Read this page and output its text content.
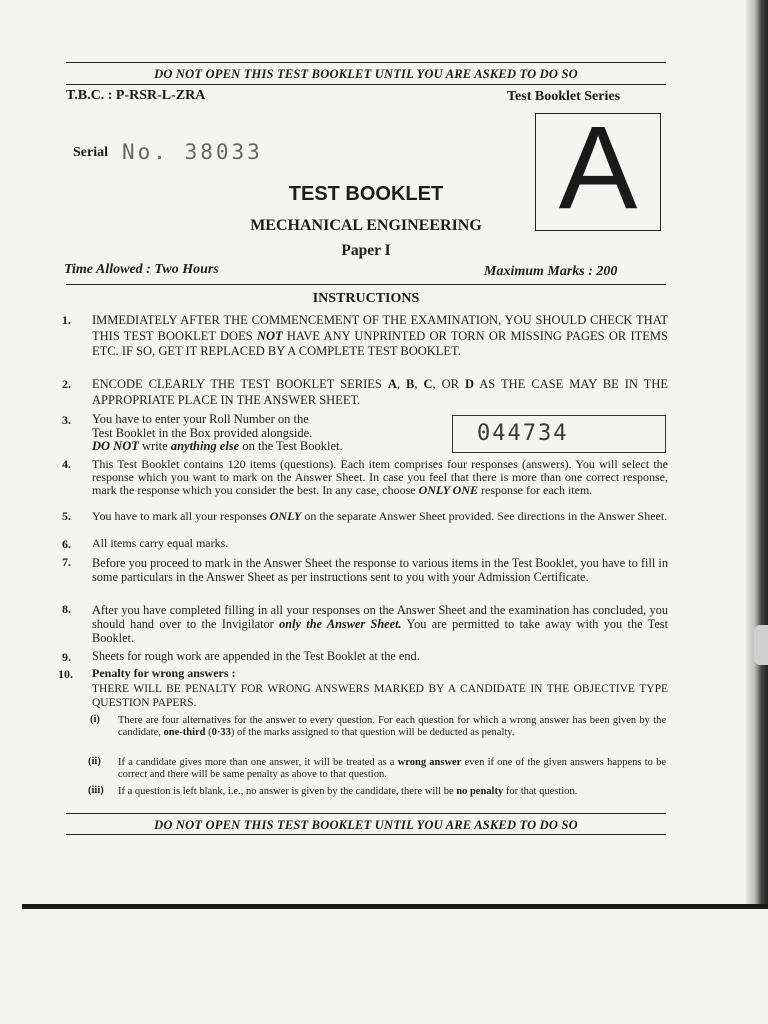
DO NOT OPEN THIS TEST BOOKLET UNTIL YOU ARE ASKED TO DO SO
T.B.C. : P-RSR-L-ZRA	Test Booklet Series
A
Serial No. 38033
TEST BOOKLET
MECHANICAL ENGINEERING
Paper I
Time Allowed : Two Hours	Maximum Marks : 200
INSTRUCTIONS
1. IMMEDIATELY AFTER THE COMMENCEMENT OF THE EXAMINATION, YOU SHOULD CHECK THAT THIS TEST BOOKLET DOES NOT HAVE ANY UNPRINTED OR TORN OR MISSING PAGES OR ITEMS ETC. IF SO, GET IT REPLACED BY A COMPLETE TEST BOOKLET.
2. ENCODE CLEARLY THE TEST BOOKLET SERIES A, B, C, OR D AS THE CASE MAY BE IN THE APPROPRIATE PLACE IN THE ANSWER SHEET.
3. You have to enter your Roll Number on the
Test Booklet in the Box provided alongside.
DO NOT write anything else on the Test Booklet.	044734
4. This Test Booklet contains 120 items (questions). Each item comprises four responses (answers). You will select the response which you want to mark on the Answer Sheet. In case you feel that there is more than one correct response, mark the response which you consider the best. In any case, choose ONLY ONE response for each item.
5. You have to mark all your responses ONLY on the separate Answer Sheet provided. See directions in the Answer Sheet.
6. All items carry equal marks.
7. Before you proceed to mark in the Answer Sheet the response to various items in the Test Booklet, you have to fill in some particulars in the Answer Sheet as per instructions sent to you with your Admission Certificate.
8. After you have completed filling in all your responses on the Answer Sheet and the examination has concluded, you should hand over to the Invigilator only the Answer Sheet. You are permitted to take away with you the Test Booklet.
9. Sheets for rough work are appended in the Test Booklet at the end.
10. Penalty for wrong answers :
THERE WILL BE PENALTY FOR WRONG ANSWERS MARKED BY A CANDIDATE IN THE OBJECTIVE TYPE QUESTION PAPERS.
(i) There are four alternatives for the answer to every question. For each question for which a wrong answer has been given by the candidate, one-third (0·33) of the marks assigned to that question will be deducted as penalty.
(ii) If a candidate gives more than one answer, it will be treated as a wrong answer even if one of the given answers happens to be correct and there will be same penalty as above to that question.
(iii) If a question is left blank, i.e., no answer is given by the candidate, there will be no penalty for that question.
DO NOT OPEN THIS TEST BOOKLET UNTIL YOU ARE ASKED TO DO SO
